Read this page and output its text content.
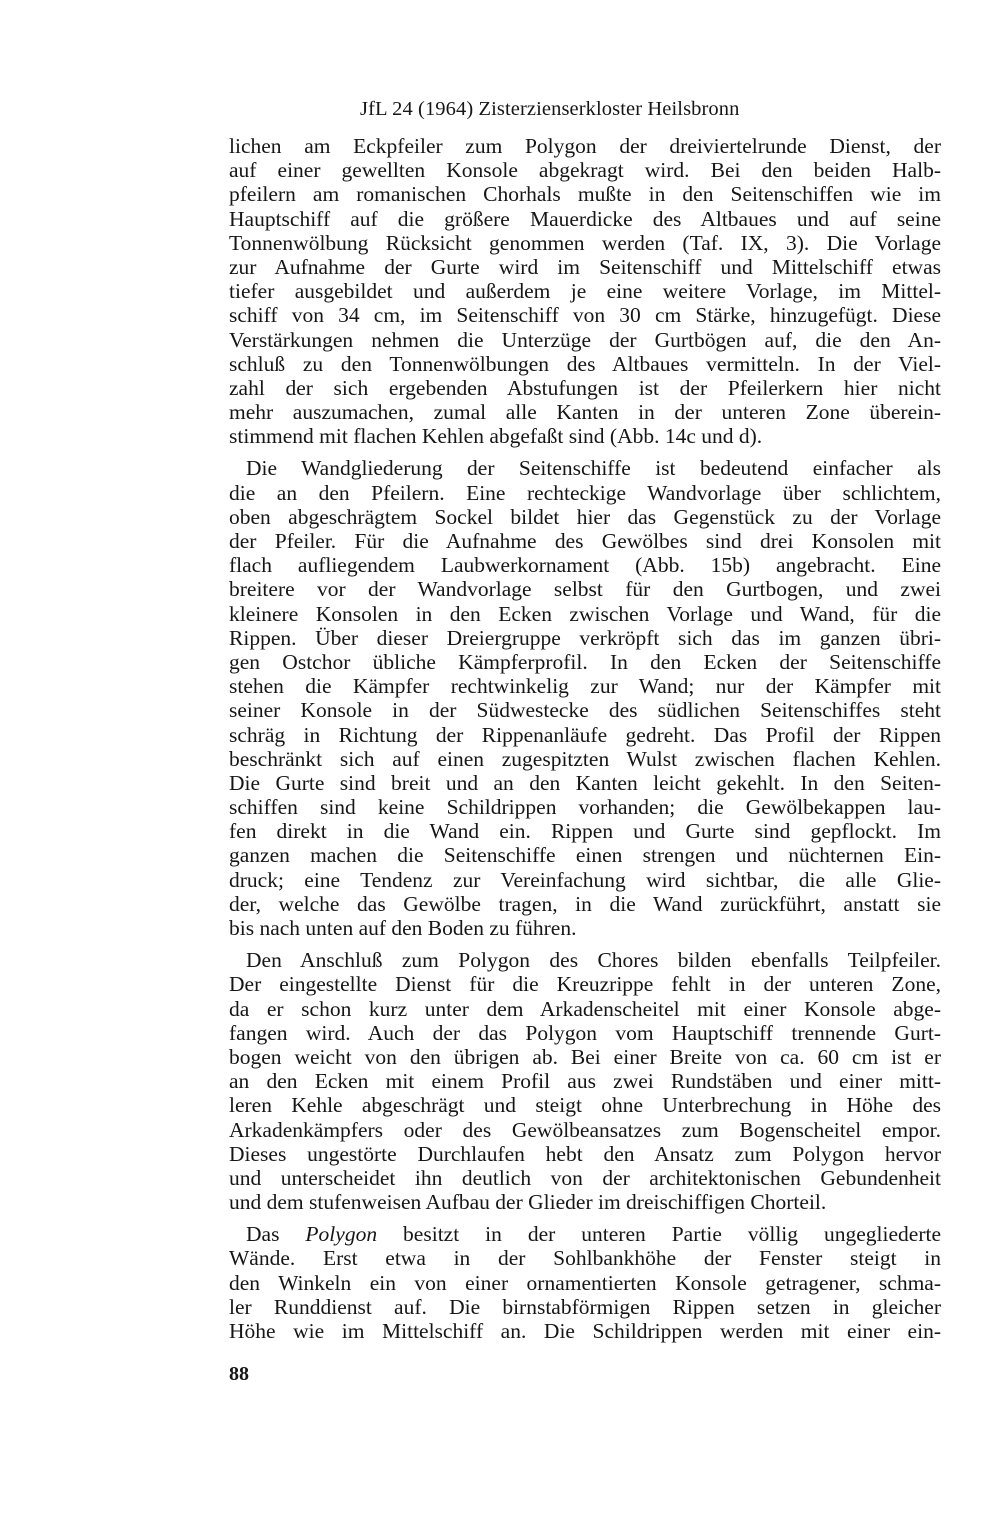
JfL 24 (1964) Zisterzienserkloster Heilsbronn
lichen am Eckpfeiler zum Polygon der dreiviertelrunde Dienst, der
auf einer gewellten Konsole abgekragt wird. Bei den beiden Halb-
pfeilern am romanischen Chorhals mußte in den Seitenschiffen wie im
Hauptschiff auf die größere Mauerdicke des Altbaues und auf seine
Tonnenwölbung Rücksicht genommen werden (Taf. IX, 3). Die Vorlage
zur Aufnahme der Gurte wird im Seitenschiff und Mittelschiff etwas
tiefer ausgebildet und außerdem je eine weitere Vorlage, im Mittel-
schiff von 34 cm, im Seitenschiff von 30 cm Stärke, hinzugefügt. Diese
Verstärkungen nehmen die Unterzüge der Gurtbögen auf, die den An-
schluß zu den Tonnenwölbungen des Altbaues vermitteln. In der Viel-
zahl der sich ergebenden Abstufungen ist der Pfeilerkern hier nicht
mehr auszumachen, zumal alle Kanten in der unteren Zone überein-
stimmend mit flachen Kehlen abgefaßt sind (Abb. 14c und d).
Die Wandgliederung der Seitenschiffe ist bedeutend einfacher als
die an den Pfeilern. Eine rechteckige Wandvorlage über schlichtem,
oben abgeschrägtem Sockel bildet hier das Gegenstück zu der Vorlage
der Pfeiler. Für die Aufnahme des Gewölbes sind drei Konsolen mit
flach aufliegendem Laubwerkornament (Abb. 15b) angebracht. Eine
breitere vor der Wandvorlage selbst für den Gurtbogen, und zwei
kleinere Konsolen in den Ecken zwischen Vorlage und Wand, für die
Rippen. Über dieser Dreiergruppe verkröpft sich das im ganzen übri-
gen Ostchor übliche Kämpferprofil. In den Ecken der Seitenschiffe
stehen die Kämpfer rechtwinkelig zur Wand; nur der Kämpfer mit
seiner Konsole in der Südwestecke des südlichen Seitenschiffes steht
schräg in Richtung der Rippenanläufe gedreht. Das Profil der Rippen
beschränkt sich auf einen zugespitzten Wulst zwischen flachen Kehlen.
Die Gurte sind breit und an den Kanten leicht gekehlt. In den Seiten-
schiffen sind keine Schildrippen vorhanden; die Gewölbekappen lau-
fen direkt in die Wand ein. Rippen und Gurte sind gepflockt. Im
ganzen machen die Seitenschiffe einen strengen und nüchternen Ein-
druck; eine Tendenz zur Vereinfachung wird sichtbar, die alle Glie-
der, welche das Gewölbe tragen, in die Wand zurückführt, anstatt sie
bis nach unten auf den Boden zu führen.
Den Anschluß zum Polygon des Chores bilden ebenfalls Teilpfeiler.
Der eingestellte Dienst für die Kreuzrippe fehlt in der unteren Zone,
da er schon kurz unter dem Arkadenscheitel mit einer Konsole abge-
fangen wird. Auch der das Polygon vom Hauptschiff trennende Gurt-
bogen weicht von den übrigen ab. Bei einer Breite von ca. 60 cm ist er
an den Ecken mit einem Profil aus zwei Rundstäben und einer mitt-
leren Kehle abgeschrägt und steigt ohne Unterbrechung in Höhe des
Arkadenkämpfers oder des Gewölbeansatzes zum Bogenscheitel empor.
Dieses ungestörte Durchlaufen hebt den Ansatz zum Polygon hervor
und unterscheidet ihn deutlich von der architektonischen Gebundenheit
und dem stufenweisen Aufbau der Glieder im dreischiffigen Chorteil.
Das Polygon besitzt in der unteren Partie völlig ungegliederte
Wände. Erst etwa in der Sohlbankhöhe der Fenster steigt in
den Winkeln ein von einer ornamentierten Konsole getragener, schma-
ler Runddienst auf. Die birnstabförmigen Rippen setzen in gleicher
Höhe wie im Mittelschiff an. Die Schildrippen werden mit einer ein-
88
